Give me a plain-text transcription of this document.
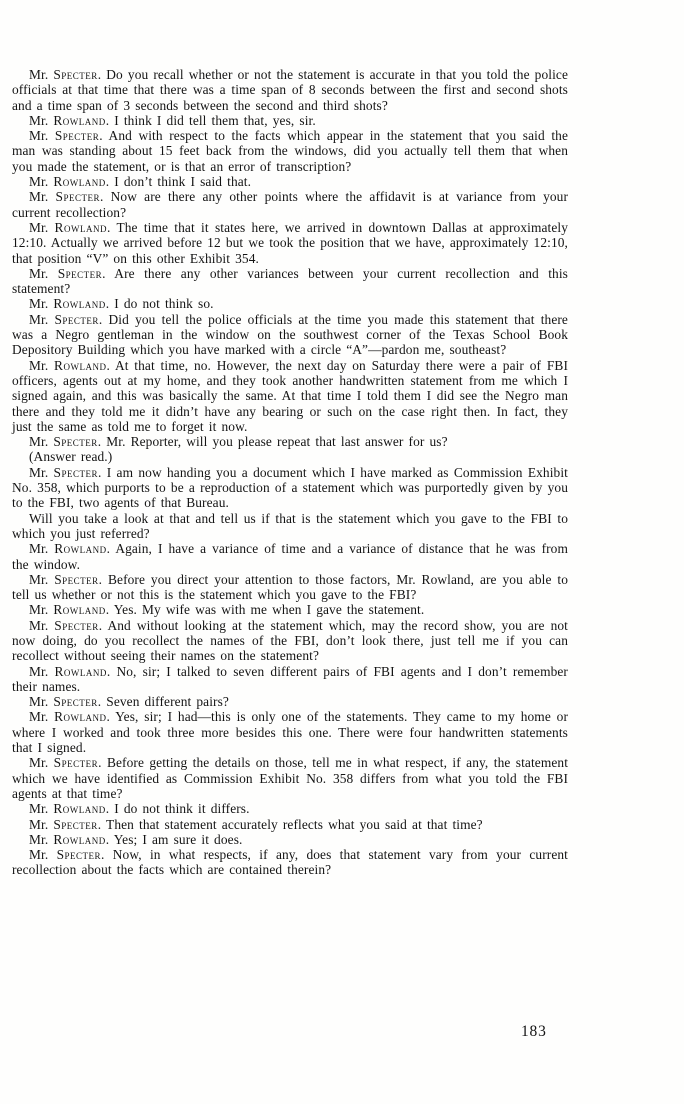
Mr. Specter. Do you recall whether or not the statement is accurate in that you told the police officials at that time that there was a time span of 8 seconds between the first and second shots and a time span of 3 seconds between the second and third shots?

Mr. Rowland. I think I did tell them that, yes, sir.

Mr. Specter. And with respect to the facts which appear in the statement that you said the man was standing about 15 feet back from the windows, did you actually tell them that when you made the statement, or is that an error of transcription?

Mr. Rowland. I don’t think I said that.

Mr. Specter. Now are there any other points where the affidavit is at variance from your current recollection?

Mr. Rowland. The time that it states here, we arrived in downtown Dallas at approximately 12:10. Actually we arrived before 12 but we took the position that we have, approximately 12:10, that position “V” on this other Exhibit 354.

Mr. Specter. Are there any other variances between your current recollection and this statement?

Mr. Rowland. I do not think so.

Mr. Specter. Did you tell the police officials at the time you made this statement that there was a Negro gentleman in the window on the southwest corner of the Texas School Book Depository Building which you have marked with a circle “A”—pardon me, southeast?

Mr. Rowland. At that time, no. However, the next day on Saturday there were a pair of FBI officers, agents out at my home, and they took another handwritten statement from me which I signed again, and this was basically the same. At that time I told them I did see the Negro man there and they told me it didn’t have any bearing or such on the case right then. In fact, they just the same as told me to forget it now.

Mr. Specter. Mr. Reporter, will you please repeat that last answer for us?

(Answer read.)

Mr. Specter. I am now handing you a document which I have marked as Commission Exhibit No. 358, which purports to be a reproduction of a statement which was purportedly given by you to the FBI, two agents of that Bureau.

Will you take a look at that and tell us if that is the statement which you gave to the FBI to which you just referred?

Mr. Rowland. Again, I have a variance of time and a variance of distance that he was from the window.

Mr. Specter. Before you direct your attention to those factors, Mr. Rowland, are you able to tell us whether or not this is the statement which you gave to the FBI?

Mr. Rowland. Yes. My wife was with me when I gave the statement.

Mr. Specter. And without looking at the statement which, may the record show, you are not now doing, do you recollect the names of the FBI, don’t look there, just tell me if you can recollect without seeing their names on the statement?

Mr. Rowland. No, sir; I talked to seven different pairs of FBI agents and I don’t remember their names.

Mr. Specter. Seven different pairs?

Mr. Rowland. Yes, sir; I had—this is only one of the statements. They came to my home or where I worked and took three more besides this one. There were four handwritten statements that I signed.

Mr. Specter. Before getting the details on those, tell me in what respect, if any, the statement which we have identified as Commission Exhibit No. 358 differs from what you told the FBI agents at that time?

Mr. Rowland. I do not think it differs.

Mr. Specter. Then that statement accurately reflects what you said at that time?

Mr. Rowland. Yes; I am sure it does.

Mr. Specter. Now, in what respects, if any, does that statement vary from your current recollection about the facts which are contained therein?

183
